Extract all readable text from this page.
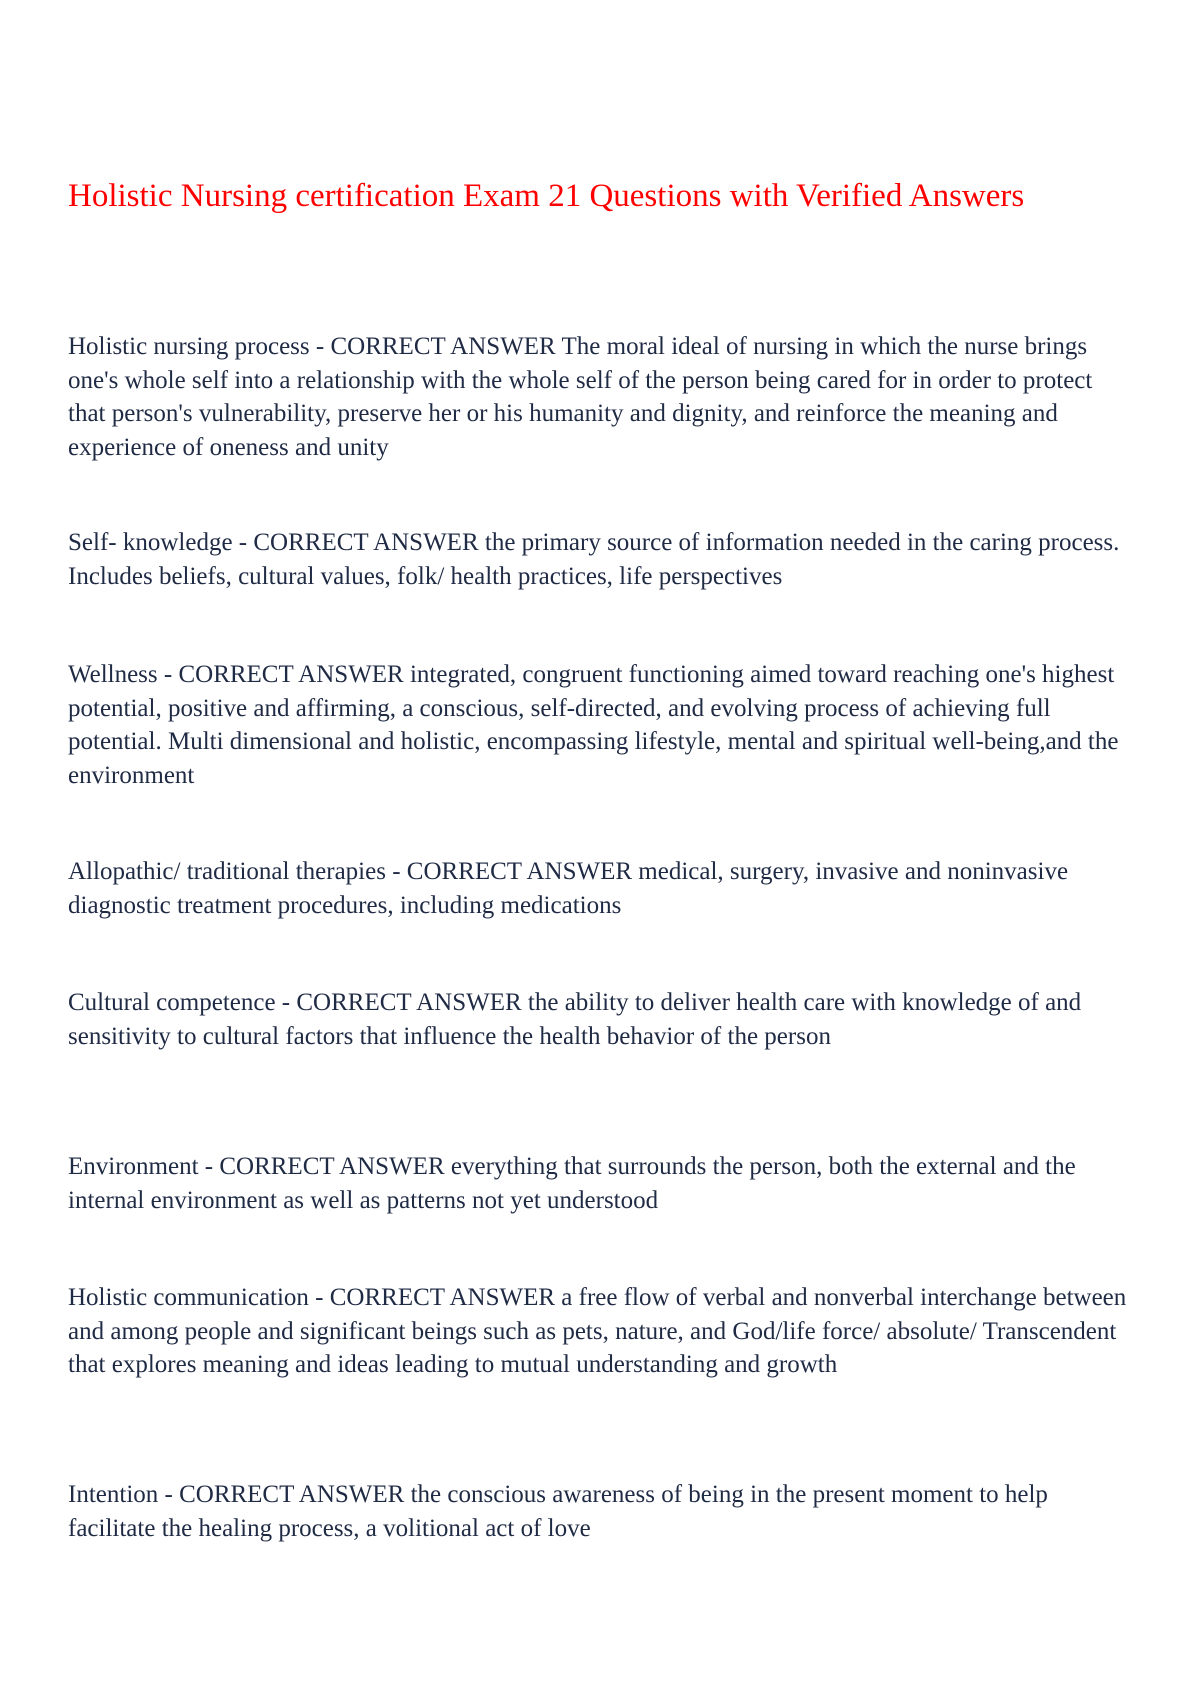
Holistic Nursing certification Exam 21 Questions with Verified Answers

Holistic nursing process - CORRECT ANSWER The moral ideal of nursing in which the nurse brings one's whole self into a relationship with the whole self of the person being cared for in order to protect that person's vulnerability, preserve her or his humanity and dignity, and reinforce the meaning and experience of oneness and unity

Self- knowledge - CORRECT ANSWER the primary source of information needed in the caring process. Includes beliefs, cultural values, folk/ health practices, life perspectives

Wellness - CORRECT ANSWER integrated, congruent functioning aimed toward reaching one's highest potential, positive and affirming, a conscious, self-directed, and evolving process of achieving full potential. Multi dimensional and holistic, encompassing lifestyle, mental and spiritual well-being,and the environment

Allopathic/ traditional therapies - CORRECT ANSWER medical, surgery, invasive and noninvasive diagnostic treatment procedures, including medications

Cultural competence - CORRECT ANSWER the ability to deliver health care with knowledge of and sensitivity to cultural factors that influence the health behavior of the person

Environment - CORRECT ANSWER everything that surrounds the person, both the external and the internal environment as well as patterns not yet understood

Holistic communication - CORRECT ANSWER a free flow of verbal and nonverbal interchange between and among people and significant beings such as pets, nature, and God/life force/ absolute/ Transcendent that explores meaning and ideas leading to mutual understanding and growth

Intention - CORRECT ANSWER the conscious awareness of being in the present moment to help facilitate the healing process, a volitional act of love
